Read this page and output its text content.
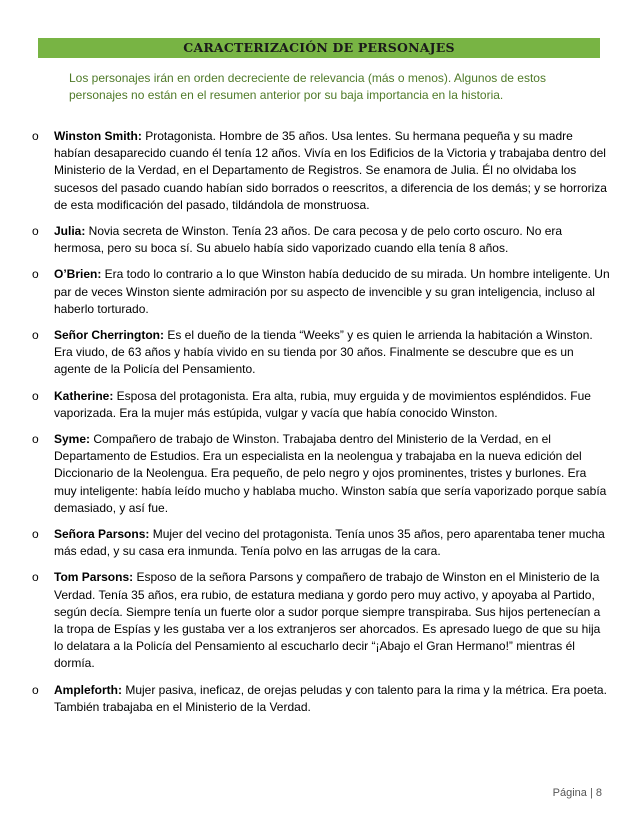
CARACTERIZACIÓN DE PERSONAJES
Los personajes irán en orden decreciente de relevancia (más o menos). Algunos de estos personajes no están en el resumen anterior por su baja importancia en la historia.
o Winston Smith: Protagonista. Hombre de 35 años. Usa lentes. Su hermana pequeña y su madre habían desaparecido cuando él tenía 12 años. Vivía en los Edificios de la Victoria y trabajaba dentro del Ministerio de la Verdad, en el Departamento de Registros. Se enamora de Julia. Él no olvidaba los sucesos del pasado cuando habían sido borrados o reescritos, a diferencia de los demás; y se horroriza de esta modificación del pasado, tildándola de monstruosa.
o Julia: Novia secreta de Winston. Tenía 23 años. De cara pecosa y de pelo corto oscuro. No era hermosa, pero su boca sí. Su abuelo había sido vaporizado cuando ella tenía 8 años.
o O’Brien: Era todo lo contrario a lo que Winston había deducido de su mirada. Un hombre inteligente. Un par de veces Winston siente admiración por su aspecto de invencible y su gran inteligencia, incluso al haberlo torturado.
o Señor Cherrington: Es el dueño de la tienda “Weeks” y es quien le arrienda la habitación a Winston. Era viudo, de 63 años y había vivido en su tienda por 30 años. Finalmente se descubre que es un agente de la Policía del Pensamiento.
o Katherine: Esposa del protagonista. Era alta, rubia, muy erguida y de movimientos espléndidos. Fue vaporizada. Era la mujer más estúpida, vulgar y vacía que había conocido Winston.
o Syme: Compañero de trabajo de Winston. Trabajaba dentro del Ministerio de la Verdad, en el Departamento de Estudios. Era un especialista en la neolengua y trabajaba en la nueva edición del Diccionario de la Neolengua. Era pequeño, de pelo negro y ojos prominentes, tristes y burlones. Era muy inteligente: había leído mucho y hablaba mucho. Winston sabía que sería vaporizado porque sabía demasiado, y así fue.
o Señora Parsons: Mujer del vecino del protagonista. Tenía unos 35 años, pero aparentaba tener mucha más edad, y su casa era inmunda. Tenía polvo en las arrugas de la cara.
o Tom Parsons: Esposo de la señora Parsons y compañero de trabajo de Winston en el Ministerio de la Verdad. Tenía 35 años, era rubio, de estatura mediana y gordo pero muy activo, y apoyaba al Partido, según decía. Siempre tenía un fuerte olor a sudor porque siempre transpiraba. Sus hijos pertenecían a la tropa de Espías y les gustaba ver a los extranjeros ser ahorcados. Es apresado luego de que su hija lo delatara a la Policía del Pensamiento al escucharlo decir “¡Abajo el Gran Hermano!” mientras él dormía.
o Ampleforth: Mujer pasiva, ineficaz, de orejas peludas y con talento para la rima y la métrica. Era poeta. También trabajaba en el Ministerio de la Verdad.
Página | 8
